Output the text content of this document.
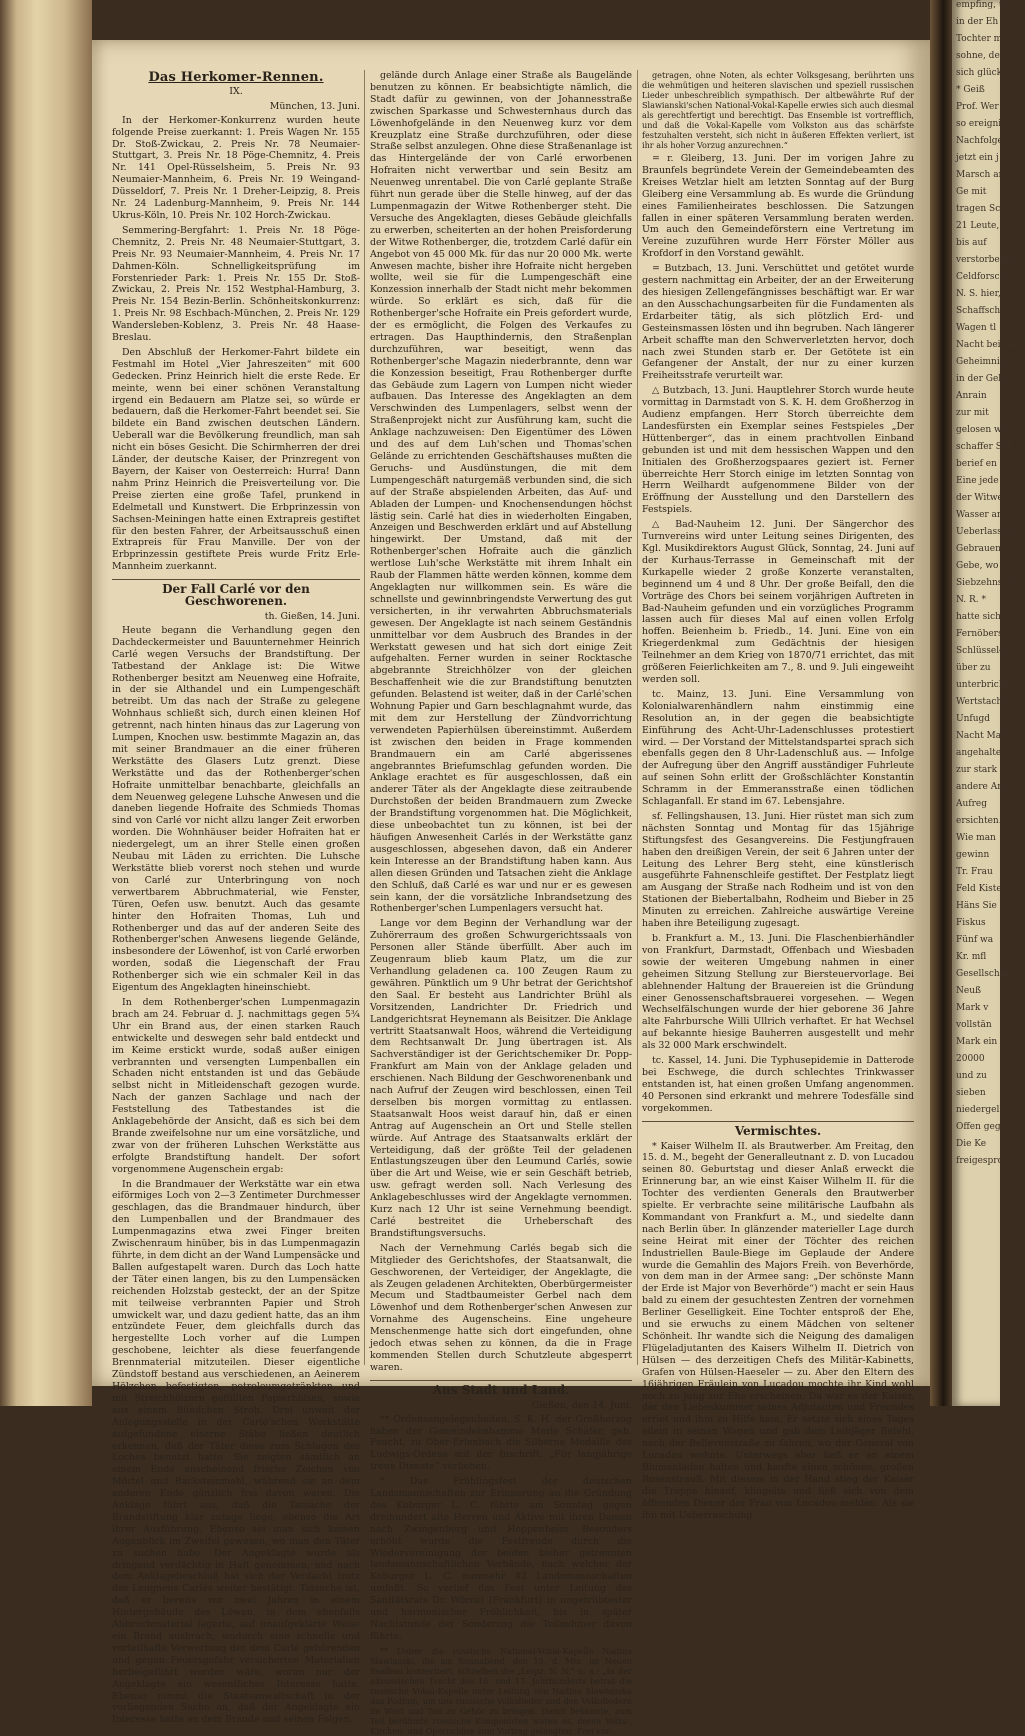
Das Herkomer-Rennen.
IX.
München, 13. Juni.

In der Herkomer-Konkurrenz wurden heute folgende Preise zuerkannt: 1. Preis Wagen Nr. 155 Dr. Stoß-Zwickau, 2. Preis Nr. 78 Neumaier-Stuttgart, 3. Preis Nr. 18 Pöge-Chemnitz, 4. Preis Nr. 141 Opel-Rüsselsheim, 5. Preis Nr. 93 Neumaier-Mannheim, 6. Preis Nr. 19 Weingand-Düsseldorf, 7. Preis Nr. 1 Dreher-Leipzig, 8. Preis Nr. 24 Ladenburg-Mannheim, 9. Preis Nr. 144 Ukrus-Köln, 10. Preis Nr. 102 Horch-Zwickau.

Semmering-Bergfahrt: 1. Preis Nr. 18 Pöge-Chemnitz, 2. Preis Nr. 48 Neumaier-Stuttgart, 3. Preis Nr. 93 Neumaier-Mannheim, 4. Preis Nr. 17 Dahmen-Köln. Schnelligkeitsprüfung im Forstenrieder Park: 1. Preis Nr. 155 Dr. Stoß-Zwickau, 2. Preis Nr. 152 Westphal-Hamburg, 3. Preis Nr. 154 Bezin-Berlin. Schönheitskonkurrenz: 1. Preis Nr. 98 Eschbach-München, 2. Preis Nr. 129 Wandersleben-Koblenz, 3. Preis Nr. 48 Haase-Breslau.

Den Abschluß der Herkomer-Fahrt bildete ein Festmahl im Hotel „Vier Jahreszeiten“ mit 600 Gedecken. Prinz Heinrich hielt die erste Rede. Er meinte, wenn bei einer schönen Veranstaltung irgend ein Bedauern am Platze sei, so würde er bedauern, daß die Herkomer-Fahrt beendet sei. Sie bildete ein Band zwischen deutschen Ländern. Ueberall war die Bevölkerung freundlich, man sah nicht ein böses Gesicht. Die Schirmherren der drei Länder, der deutsche Kaiser, der Prinzregent von Bayern, der Kaiser von Oesterreich: Hurra! Dann nahm Prinz Heinrich die Preisverteilung vor. Die Preise zierten eine große Tafel, prunkend in Edelmetall und Kunstwert. Die Erbprinzessin von Sachsen-Meiningen hatte einen Extrapreis gestiftet für den besten Fahrer, der Arbeitsausschuß einen Extrapreis für Frau Manville. Der von der Erbprinzessin gestiftete Preis wurde Fritz Erle-Mannheim zuerkannt.

Der Fall Carlé vor den Geschworenen.
th. Gießen, 14. Juni.

Heute begann die Verhandlung gegen den Dachdeckermeister und Bauunternehmer Heinrich Carlé wegen Versuchs der Brandstiftung. Der Tatbestand der Anklage ist: Die Witwe Rothenberger besitzt am Neuenweg eine Hofraite, in der sie Althandel und ein Lumpengeschäft betreibt. Um das nach der Straße zu gelegene Wohnhaus schließt sich, durch einen kleinen Hof getrennt, nach hinten hinaus das zur Lagerung von Lumpen, Knochen usw. bestimmte Magazin an, das mit seiner Brandmauer an die einer früheren Werkstätte des Glasers Lutz grenzt. Diese Werkstätte und das der Rothenberger'schen Hofraite unmittelbar benachbarte, gleichfalls an dem Neuenweg gelegene Luhsche Anwesen und die daneben liegende Hofraite des Schmieds Thomas sind von Carlé vor nicht allzu langer Zeit erworben worden. Die Wohnhäuser beider Hofraiten hat er niedergelegt, um an ihrer Stelle einen großen Neubau mit Läden zu errichten. Die Luhsche Werkstätte blieb vorerst noch stehen und wurde von Carlé zur Unterbringung von noch verwertbarem Abbruchmaterial, wie Fenster, Türen, Oefen usw. benutzt. Auch das gesamte hinter den Hofraiten Thomas, Luh und Rothenberger und das auf der anderen Seite des Rothenberger'schen Anwesens liegende Gelände, insbesondere der Löwenhof, ist von Carlé erworben worden, sodaß die Liegenschaft der Frau Rothenberger sich wie ein schmaler Keil in das Eigentum des Angeklagten hineinschiebt.

In dem Rothenberger'schen Lumpenmagazin brach am 24. Februar d. J. nachmittags gegen 5¾ Uhr ein Brand aus, der einen starken Rauch entwickelte und deswegen sehr bald entdeckt und im Keime erstickt wurde, sodaß außer einigen verbrannten und versengten Lumpenballen ein Schaden nicht entstanden ist und das Gebäude selbst nicht in Mitleidenschaft gezogen wurde. Nach der ganzen Sachlage und nach der Feststellung des Tatbestandes ist die Anklagebehörde der Ansicht, daß es sich bei dem Brande zweifelsohne nur um eine vorsätzliche, und zwar von der früheren Luhschen Werkstätte aus erfolgte Brandstiftung handelt. Der sofort vorgenommene Augenschein ergab:

In die Brandmauer der Werkstätte war ein etwa eiförmiges Loch von 2—3 Zentimeter Durchmesser geschlagen, das die Brandmauer hindurch, über den Lumpenballen und der Brandmauer des Lumpenmagazins etwa zwei Finger breiten Zwischenraum hinüber, bis in das Lumpenmagazin führte, in dem dicht an der Wand Lumpensäcke und Ballen aufgestapelt waren. Durch das Loch hatte der Täter einen langen, bis zu den Lumpensäcken reichenden Holzstab gesteckt, der an der Spitze mit teilweise verbrannten Papier und Stroh umwickelt war, und dazu gedient hatte, das an ihm entzündete Feuer, dem gleichfalls durch das hergestellte Loch vorher auf die Lumpen geschobene, leichter als diese feuerfangende Brennmaterial mitzuteilen. Dieser eigentliche Zündstoff bestand aus verschiedenen, an Aeinerem Hölzchen befestigten, petroleumgetränkten und mit Streichhölzern gefüllten Papierhülsen, sowie aus einem Bündchen Stroh. Drei unweit der Anlegungsstelle in der Carlé'schen Werkstätte aufgefundene eiserne Stäbe ließen deutlich erkennen, daß der Täter diese zum Schlagen des Loches benutzt hatte. Sie zeigten sämtlich an einem Ende anscheinend frische Zeichen von Mörtel und Backsteinmehl, während sie an dem anderen Ende gänzlich frei davon waren. Die Anklage führt aus, daß die Tatsache der Brandstiftung klar zutage liege, ebenso die Art ihrer Ausführung. Ebenso sei man sich keinen Augenblick im Zweifel gewesen, wo man den Täter zu suchen habe. Der Angeklagte wurde als dringend verdächtig in Haft genommen, und nach dem Anklagebeschluß hat sich der Verdacht trotz des Leugnens Carlés weiter bestätigt. Tatsache ist, daß er bereits vor zwei Jahren in einem Hintergebäude des Löwen, in dem ebenfalls Abbruchmaterial lagerte, auf unaufgeklärte Weise ein Brand ausbrach, wodurch eine schnelle und vorteilhafte Verwertung der dem Carlé gehörenden und gegen Feuersgefahr versicherten Materialien herbeigeführt worden wäre, woran nur der Angeklagte ein wesentliches Interesse hatte. Ebenso nimmt die Staatsanwaltschaft in der vorliegenden Sache an, daß der Angeklagte ein Interesse hatte an dem Brande und seinen Folgen.

gelände durch Anlage einer Straße als Baugelände benutzen zu können. Er beabsichtigte nämlich, die Stadt dafür zu gewinnen, von der Johannesstraße zwischen Sparkasse und Schwesternhaus durch das Löwenhofgelände in den Neuenweg kurz vor dem Kreuzplatz eine Straße durchzuführen, oder diese Straße selbst anzulegen. Ohne diese Straßenanlage ist das Hintergelände der von Carlé erworbenen Hofraiten nicht verwertbar und sein Besitz am Neuenweg unrentabel. Die von Carlé geplante Straße führt nun gerade über die Stelle hinweg, auf der das Lumpenmagazin der Witwe Rothenberger steht. Die Versuche des Angeklagten, dieses Gebäude gleichfalls zu erwerben, scheiterten an der hohen Preisforderung der Witwe Rothenberger, die, trotzdem Carlé dafür ein Angebot von 45 000 Mk. für das nur 20 000 Mk. werte Anwesen machte, bisher ihre Hofraite nicht hergeben wollte, weil sie für die Lumpengeschäft eine Konzession innerhalb der Stadt nicht mehr bekommen würde. So erklärt es sich, daß für die Rothenberger'sche Hofraite ein Preis gefordert wurde, der es ermöglicht, die Folgen des Verkaufes zu ertragen. Das Haupthindernis, den Straßenplan durchzuführen, war beseitigt, wenn das Rothenberger'sche Magazin niederbrannte, denn war die Konzession beseitigt, Frau Rothenberger durfte das Gebäude zum Lagern von Lumpen nicht wieder aufbauen. Das Interesse des Angeklagten an dem Verschwinden des Lumpenlagers, selbst wenn der Straßenprojekt nicht zur Ausführung kam, sucht die Anklage nachzuweisen: Den Eigentümer des Löwen und des auf dem Luh'schen und Thomas'schen Gelände zu errichtenden Geschäftshauses mußten die Geruchs- und Ausdünstungen, die mit dem Lumpengeschäft naturgemäß verbunden sind, die sich auf der Straße abspielenden Arbeiten, das Auf- und Abladen der Lumpen- und Knochensendungen höchst lästig sein. Carlé hat dies in wiederholten Eingaben, Anzeigen und Beschwerden erklärt und auf Abstellung hingewirkt. Der Umstand, daß mit der Rothenberger'schen Hofraite auch die gänzlich wertlose Luh'sche Werkstätte mit ihrem Inhalt ein Raub der Flammen hätte werden können, komme dem Angeklagten nur willkommen sein. Es wäre die schnellste und gewinnbringendste Verwertung des gut versicherten, in ihr verwahrten Abbruchsmaterials gewesen. Der Angeklagte ist nach seinem Geständnis unmittelbar vor dem Ausbruch des Brandes in der Werkstatt gewesen und hat sich dort einige Zeit aufgehalten. Ferner wurden in seiner Rocktasche abgebrannte Streichhölzer von der gleichen Beschaffenheit wie die zur Brandstiftung benutzten gefunden. Belastend ist weiter, daß in der Carlé'schen Wohnung Papier und Garn beschlagnahmt wurde, das mit dem zur Herstellung der Zündvorrichtung verwendeten Papierhülsen übereinstimmt. Außerdem ist zwischen den beiden in Frage kommenden Brandmauern ein am Carlé abgerissenes angebranntes Briefumschlag gefunden worden. Die Anklage erachtet es für ausgeschlossen, daß ein anderer Täter als der Angeklagte diese zeitraubende Durchstoßen der beiden Brandmauern zum Zwecke der Brandstiftung vorgenommen hat. Die Möglichkeit, diese unbeobachtet tun zu können, ist bei der häufigen Anwesenheit Carlés in der Werkstätte ganz ausgeschlossen, abgesehen davon, daß ein Anderer kein Interesse an der Brandstiftung haben kann. Aus allen diesen Gründen und Tatsachen zieht die Anklage den Schluß, daß Carlé es war und nur er es gewesen sein kann, der die vorsätzliche Inbrandsetzung des Rothenberger'schen Lumpenlagers versucht hat.

Lange vor dem Beginn der Verhandlung war der Zuhörerraum des großen Schwurgerichtssaals von Personen aller Stände überfüllt. Aber auch im Zeugenraum blieb kaum Platz, um die zur Verhandlung geladenen ca. 100 Zeugen Raum zu gewähren. Pünktlich um 9 Uhr betrat der Gerichtshof den Saal. Er besteht aus Landrichter Brühl als Vorsitzenden, Landrichter Dr. Friedrich und Landgerichtsrat Heynemann als Beisitzer. Die Anklage vertritt Staatsanwalt Hoos, während die Verteidigung dem Rechtsanwalt Dr. Jung übertragen ist. Als Sachverständiger ist der Gerichtschemiker Dr. Popp-Frankfurt am Main von der Anklage geladen und erschienen. Nach Bildung der Geschworenenbank und nach Aufruf der Zeugen wird beschlossen, einen Teil derselben bis morgen vormittag zu entlassen. Staatsanwalt Hoos weist darauf hin, daß er einen Antrag auf Augenschein an Ort und Stelle stellen würde. Auf Antrage des Staatsanwalts erklärt der Verteidigung, daß der größte Teil der geladenen Entlastungszeugen über den Leumund Carlés, sowie über die Art und Weise, wie er sein Geschäft betrieb, usw. gefragt werden soll. Nach Verlesung des Anklagebeschlusses wird der Angeklagte vernommen. Kurz nach 12 Uhr ist seine Vernehmung beendigt. Carlé bestreitet die Urheberschaft des Brandstiftungsversuchs.

Nach der Vernehmung Carlés begab sich die Mitglieder des Gerichtshofes, der Staatsanwalt, die Geschworenen, der Verteidiger, der Angeklagte, die als Zeugen geladenen Architekten, Oberbürgermeister Mecum und Stadtbaumeister Gerbel nach dem Löwenhof und dem Rothenberger'schen Anwesen zur Vornahme des Augenscheins. Eine ungeheure Menschenmenge hatte sich dort eingefunden, ohne jedoch etwas sehen zu können, da die in Frage kommenden Stellen durch Schutzleute abgesperrt waren.

Aus Stadt und Land.
Gießen, den 14. Juni.

** Ordensangelegenheiten. S. K. H. der Großherzog haben der Gemeindehebamme Marie Schäfer, geb. Feucht, zu Ober-Erlenbach die Silberne Medaille des Ludwigs-Ordens mit der Inschrift: „Für langjährige treue Dienste“ verliehen.

* Das Frühlingsfest der deutschen Landsmannschaften zur Erinnerung an die Gründung des Koburger L. C. führte am Sonntag gegen dreihundert alte Herren und Aktive mit ihren Damen nach Zwingenberg und Heppenheim. Besonders erhöht wurde die Festfreude durch die Wiedervereinigung der beiden bisher getrennten landsmannschaftlichen Verbände, nach welcher der Koburger L. C. nunmehr 42 Landsmannschaften umfaßt. So verlief das Fest unter Leitung des Sanitätsrats Dr. Wörnel (Frankfurt) in ungetrübtester und harmonischer Fröhlichkeit, bis in später Nachtstunde der Sonderzug die Teilnehmer davon führte.

** Ueber die russische National-Vokal-Kapelle Nadina Slawianski, die am Sonnabend, den 15. d. Mts. im Neuen Saalbau konzertiert, schreiben die „Leipz. N. N.“ u. a.: „In der altrussischen Tracht des 16. und 17. Jahrhunderts betrat die russische Vokal-Kapelle unter Leitung von Nadina Slawianska das Podium, um uns russische Volkslieder und den Volksliedern im Wort und Ton zu Gehör zu bringen. Damit bekannte, zum Teil berühmte russische Komponisten waren es, deren Volks-, Kirchen- und Opernchöre zum Vortrag gelangten. Frei vor-

getragen, ohne Noten, als echter Volksgesang, berührten uns die wehmütigen und heiteren slavischen und speziell russischen Lieder unbeschreiblich sympathisch. Der altbewährte Ruf der Slawianski'schen National-Vokal-Kapelle erwies sich auch diesmal als gerechtfertigt und berechtigt. Das Ensemble ist vortrefflich, und daß die Vokal-Kapelle vom Volkston aus das schärfste festzuhalten versteht, sich nicht in äußeren Effekten verliert, ist ihr als hoher Vorzug anzurechnen.“

= r. Gleiberg, 13. Juni. Der im vorigen Jahre zu Braunfels begründete Verein der Gemeindebeamten des Kreises Wetzlar hielt am letzten Sonntag auf der Burg Gleiberg eine Versammlung ab. Es wurde die Gründung eines Familienheirates beschlossen. Die Satzungen fallen in einer späteren Versammlung beraten werden. Um auch den Gemeindeförstern eine Vertretung im Vereine zuzuführen wurde Herr Förster Möller aus Krofdorf in den Vorstand gewählt.

= Butzbach, 13. Juni. Verschüttet und getötet wurde gestern nachmittag ein Arbeiter, der an der Erweiterung des hiesigen Zellengefängnisses beschäftigt war. Er war an den Ausschachungsarbeiten für die Fundamenten als Erdarbeiter tätig, als sich plötzlich Erd- und Gesteinsmassen lösten und ihn begruben. Nach längerer Arbeit schaffte man den Schwerverletzten hervor, doch nach zwei Stunden starb er. Der Getötete ist ein Gefangener der Anstalt, der nur zu einer kurzen Freiheitsstrafe verurteilt war.

△ Butzbach, 13. Juni. Hauptlehrer Storch wurde heute vormittag in Darmstadt von S. K. H. dem Großherzog in Audienz empfangen. Herr Storch überreichte dem Landesfürsten ein Exemplar seines Festspieles „Der Hüttenberger“, das in einem prachtvollen Einband gebunden ist und mit dem hessischen Wappen und den Initialen des Großherzogspaares geziert ist. Ferner überreichte Herr Storch einige im letzten Sonntag von Herrn Weilhardt aufgenommene Bilder von der Eröffnung der Ausstellung und den Darstellern des Festspiels.

△ Bad-Nauheim 12. Juni. Der Sängerchor des Turnvereins wird unter Leitung seines Dirigenten, des Kgl. Musikdirektors August Glück, Sonntag, 24. Juni auf der Kurhaus-Terrasse in Gemeinschaft mit der Kurkapelle wieder 2 große Konzerte veranstalten, beginnend um 4 und 8 Uhr. Der große Beifall, den die Vorträge des Chors bei seinem vorjährigen Auftreten in Bad-Nauheim gefunden und ein vorzügliches Programm lassen auch für dieses Mal auf einen vollen Erfolg hoffen. Beienheim b. Friedb., 14. Juni. Eine von ein Kriegerdenkmal zum Gedächtnis der hiesigen Teilnehmer an dem Krieg von 1870/71 errichtet, das mit größeren Feierlichkeiten am 7., 8. und 9. Juli eingeweiht werden soll.

tc. Mainz, 13. Juni. Eine Versammlung von Kolonialwarenhändlern nahm einstimmig eine Resolution an, in der gegen die beabsichtigte Einführung des Acht-Uhr-Ladenschlusses protestiert wird. — Der Vorstand der Mittelstandspartei sprach sich ebenfalls gegen den 8 Uhr-Ladenschluß aus. — Infolge der Aufregung über den Angriff ausständiger Fuhrleute auf seinen Sohn erlitt der Großschlächter Konstantin Schramm in der Emmeransstraße einen tödlichen Schlaganfall. Er stand im 67. Lebensjahre.

sf. Fellingshausen, 13. Juni. Hier rüstet man sich zum nächsten Sonntag und Montag für das 15jährige Stiftungsfest des Gesangvereins. Die Festjungfrauen haben den dreißigen Verein, der seit 6 Jahren unter der Leitung des Lehrer Berg steht, eine künstlerisch ausgeführte Fahnenschleife gestiftet. Der Festplatz liegt am Ausgang der Straße nach Rodheim und ist von den Stationen der Biebertalbahn, Rodheim und Bieber in 25 Minuten zu erreichen. Zahlreiche auswärtige Vereine haben ihre Beteiligung zugesagt.

b. Frankfurt a. M., 13. Juni. Die Flaschenbierhändler von Frankfurt, Darmstadt, Offenbach und Wiesbaden sowie der weiteren Umgebung nahmen in einer geheimen Sitzung Stellung zur Biersteuervorlage. Bei ablehnender Haltung der Brauereien ist die Gründung einer Genossenschaftsbrauerei vorgesehen. — Wegen Wechselfälschungen wurde der hier geborene 36 Jahre alte Fahrbursche Willi Ullrich verhaftet. Er hat Wechsel auf bekannte hiesige Bauherren ausgestellt und mehr als 32 000 Mark erschwindelt.

tc. Kassel, 14. Juni. Die Typhusepidemie in Datterode bei Eschwege, die durch schlechtes Trinkwasser entstanden ist, hat einen großen Umfang angenommen. 40 Personen sind erkrankt und mehrere Todesfälle sind vorgekommen.

Vermischtes.

* Kaiser Wilhelm II. als Brautwerber. Am Freitag, den 15. d. M., begeht der Generalleutnant z. D. von Lucadou seinen 80. Geburtstag und dieser Anlaß erweckt die Erinnerung bar, an wie einst Kaiser Wilhelm II. für die Tochter des verdienten Generals den Brautwerber spielte. Er verbrachte seine militärische Laufbahn als Kommandant von Frankfurt a. M., und siedelte dann nach Berlin über. In glänzender materieller Lage durch seine Heirat mit einer der Töchter des reichen Industriellen Baule-Biege im Geplaude der Andere wurde die Gemahlin des Majors Freih. von Beverhörde, von dem man in der Armee sang: „Der schönste Mann der Erde ist Major von Beverhörde“) macht er sein Haus bald zu einem der gesuchtesten Zentren der vornehmen Berliner Geselligkeit. Eine Tochter entsproß der Ehe, und sie erwuchs zu einem Mädchen von seltener Schönheit. Ihr wandte sich die Neigung des damaligen Flügeladjutanten des Kaisers Wilhelm II. Dietrich von Hülsen — des derzeitigen Chefs des Militär-Kabinetts, Grafen von Hülsen-Haeseler — zu. Aber den Eltern des 16jährigen Fräulein von Lucadou mochte ihr Kind wohl noch zu jung zur Ehe erscheinen. Da war es der Kaiser, der den Liebeskummer seines Adjutanten und Freundes erriet und ihm zu Hilfe kam. Er setzte sich eines Tages allein in seinen Wagen und gab dem Leibjäger Befehl, nach der Bellevuestraße zu fahren, wo der General von Lucadou wohnte. Unterwegs aber ließ er an einem Blumenladen halten und kaufte einen schönen, großen Rosenstrauß. Mit diesem in der Hand stieg der Kaiser die Treppe hinauf, klingelte und ließ sich von dem öffnenden Diener der Frau von Lucadou melden. Als sie ihn mit Ueberraschung

empfing, ü
in der Eh
Tochter mi
sohne, den
sich glückl
* Geiß
Prof. Wer
so ereignis
Nachfolge
jetzt ein j
Marsch an
Ge mit
tragen Schif
21 Leute, fe
bis auf
verstorbener
Celdforsch
N. S. hier,
Schaffsch
Wagen tl
Nacht bei Herr
Geheimnisse
in der Geld
Anrain
zur mit
gelosen wu
schaffer Sch
berief en
Eine jede
der Witwe
Wasser an
Ueberlassen
Gebrauen
Gebe, wo
Siebzehnsche
N. R. *
hatte sich
Fernöberst
Schlüsselet
über zu
unterbricht.
Wertstache
Unfugd
Nacht Mark
angehaltet
zur stark
andere Anl
Aufreg
ersichten.
Wie man
gewinn
Tr. Frau
Feld Kiste
Häns Sie
Fiskus
Fünf wa
Kr. mfl
Gesellschaft
Neuß
Mark v
vollstän
Mark ein
20000
und zu
sieben
niedergel
Offen geg
Die Ke
freigespro
